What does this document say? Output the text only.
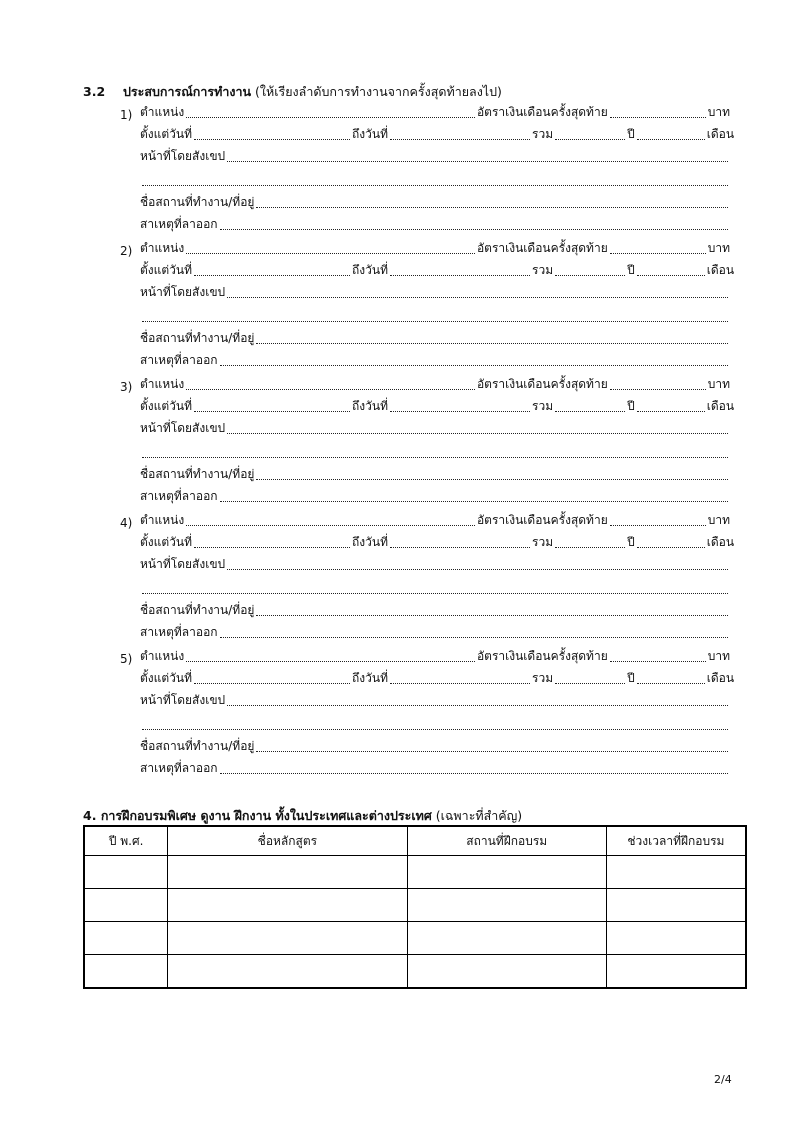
3.2 ประสบการณ์การทำงาน (ให้เรียงลำดับการทำงานจากครั้งสุดท้ายลงไป)
1) ตำแหน่ง	อัตราเงินเดือนครั้งสุดท้าย	บาท
ตั้งแต่วันที่	ถึงวันที่	รวม	ปี	เดือน
หน้าที่โดยสังเขป
ชื่อสถานที่ทำงาน/ที่อยู่
สาเหตุที่ลาออก
2) ตำแหน่ง	อัตราเงินเดือนครั้งสุดท้าย	บาท
ตั้งแต่วันที่	ถึงวันที่	รวม	ปี	เดือน
หน้าที่โดยสังเขป
ชื่อสถานที่ทำงาน/ที่อยู่
สาเหตุที่ลาออก
3) ตำแหน่ง	อัตราเงินเดือนครั้งสุดท้าย	บาท
ตั้งแต่วันที่	ถึงวันที่	รวม	ปี	เดือน
หน้าที่โดยสังเขป
ชื่อสถานที่ทำงาน/ที่อยู่
สาเหตุที่ลาออก
4) ตำแหน่ง	อัตราเงินเดือนครั้งสุดท้าย	บาท
ตั้งแต่วันที่	ถึงวันที่	รวม	ปี	เดือน
หน้าที่โดยสังเขป
ชื่อสถานที่ทำงาน/ที่อยู่
สาเหตุที่ลาออก
5) ตำแหน่ง	อัตราเงินเดือนครั้งสุดท้าย	บาท
ตั้งแต่วันที่	ถึงวันที่	รวม	ปี	เดือน
หน้าที่โดยสังเขป
ชื่อสถานที่ทำงาน/ที่อยู่
สาเหตุที่ลาออก
4. การฝึกอบรมพิเศษ ดูงาน ฝึกงาน ทั้งในประเทศและต่างประเทศ (เฉพาะที่สำคัญ)
ปี พ.ศ.	ชื่อหลักสูตร	สถานที่ฝึกอบรม	ช่วงเวลาที่ฝึกอบรม

2/4
